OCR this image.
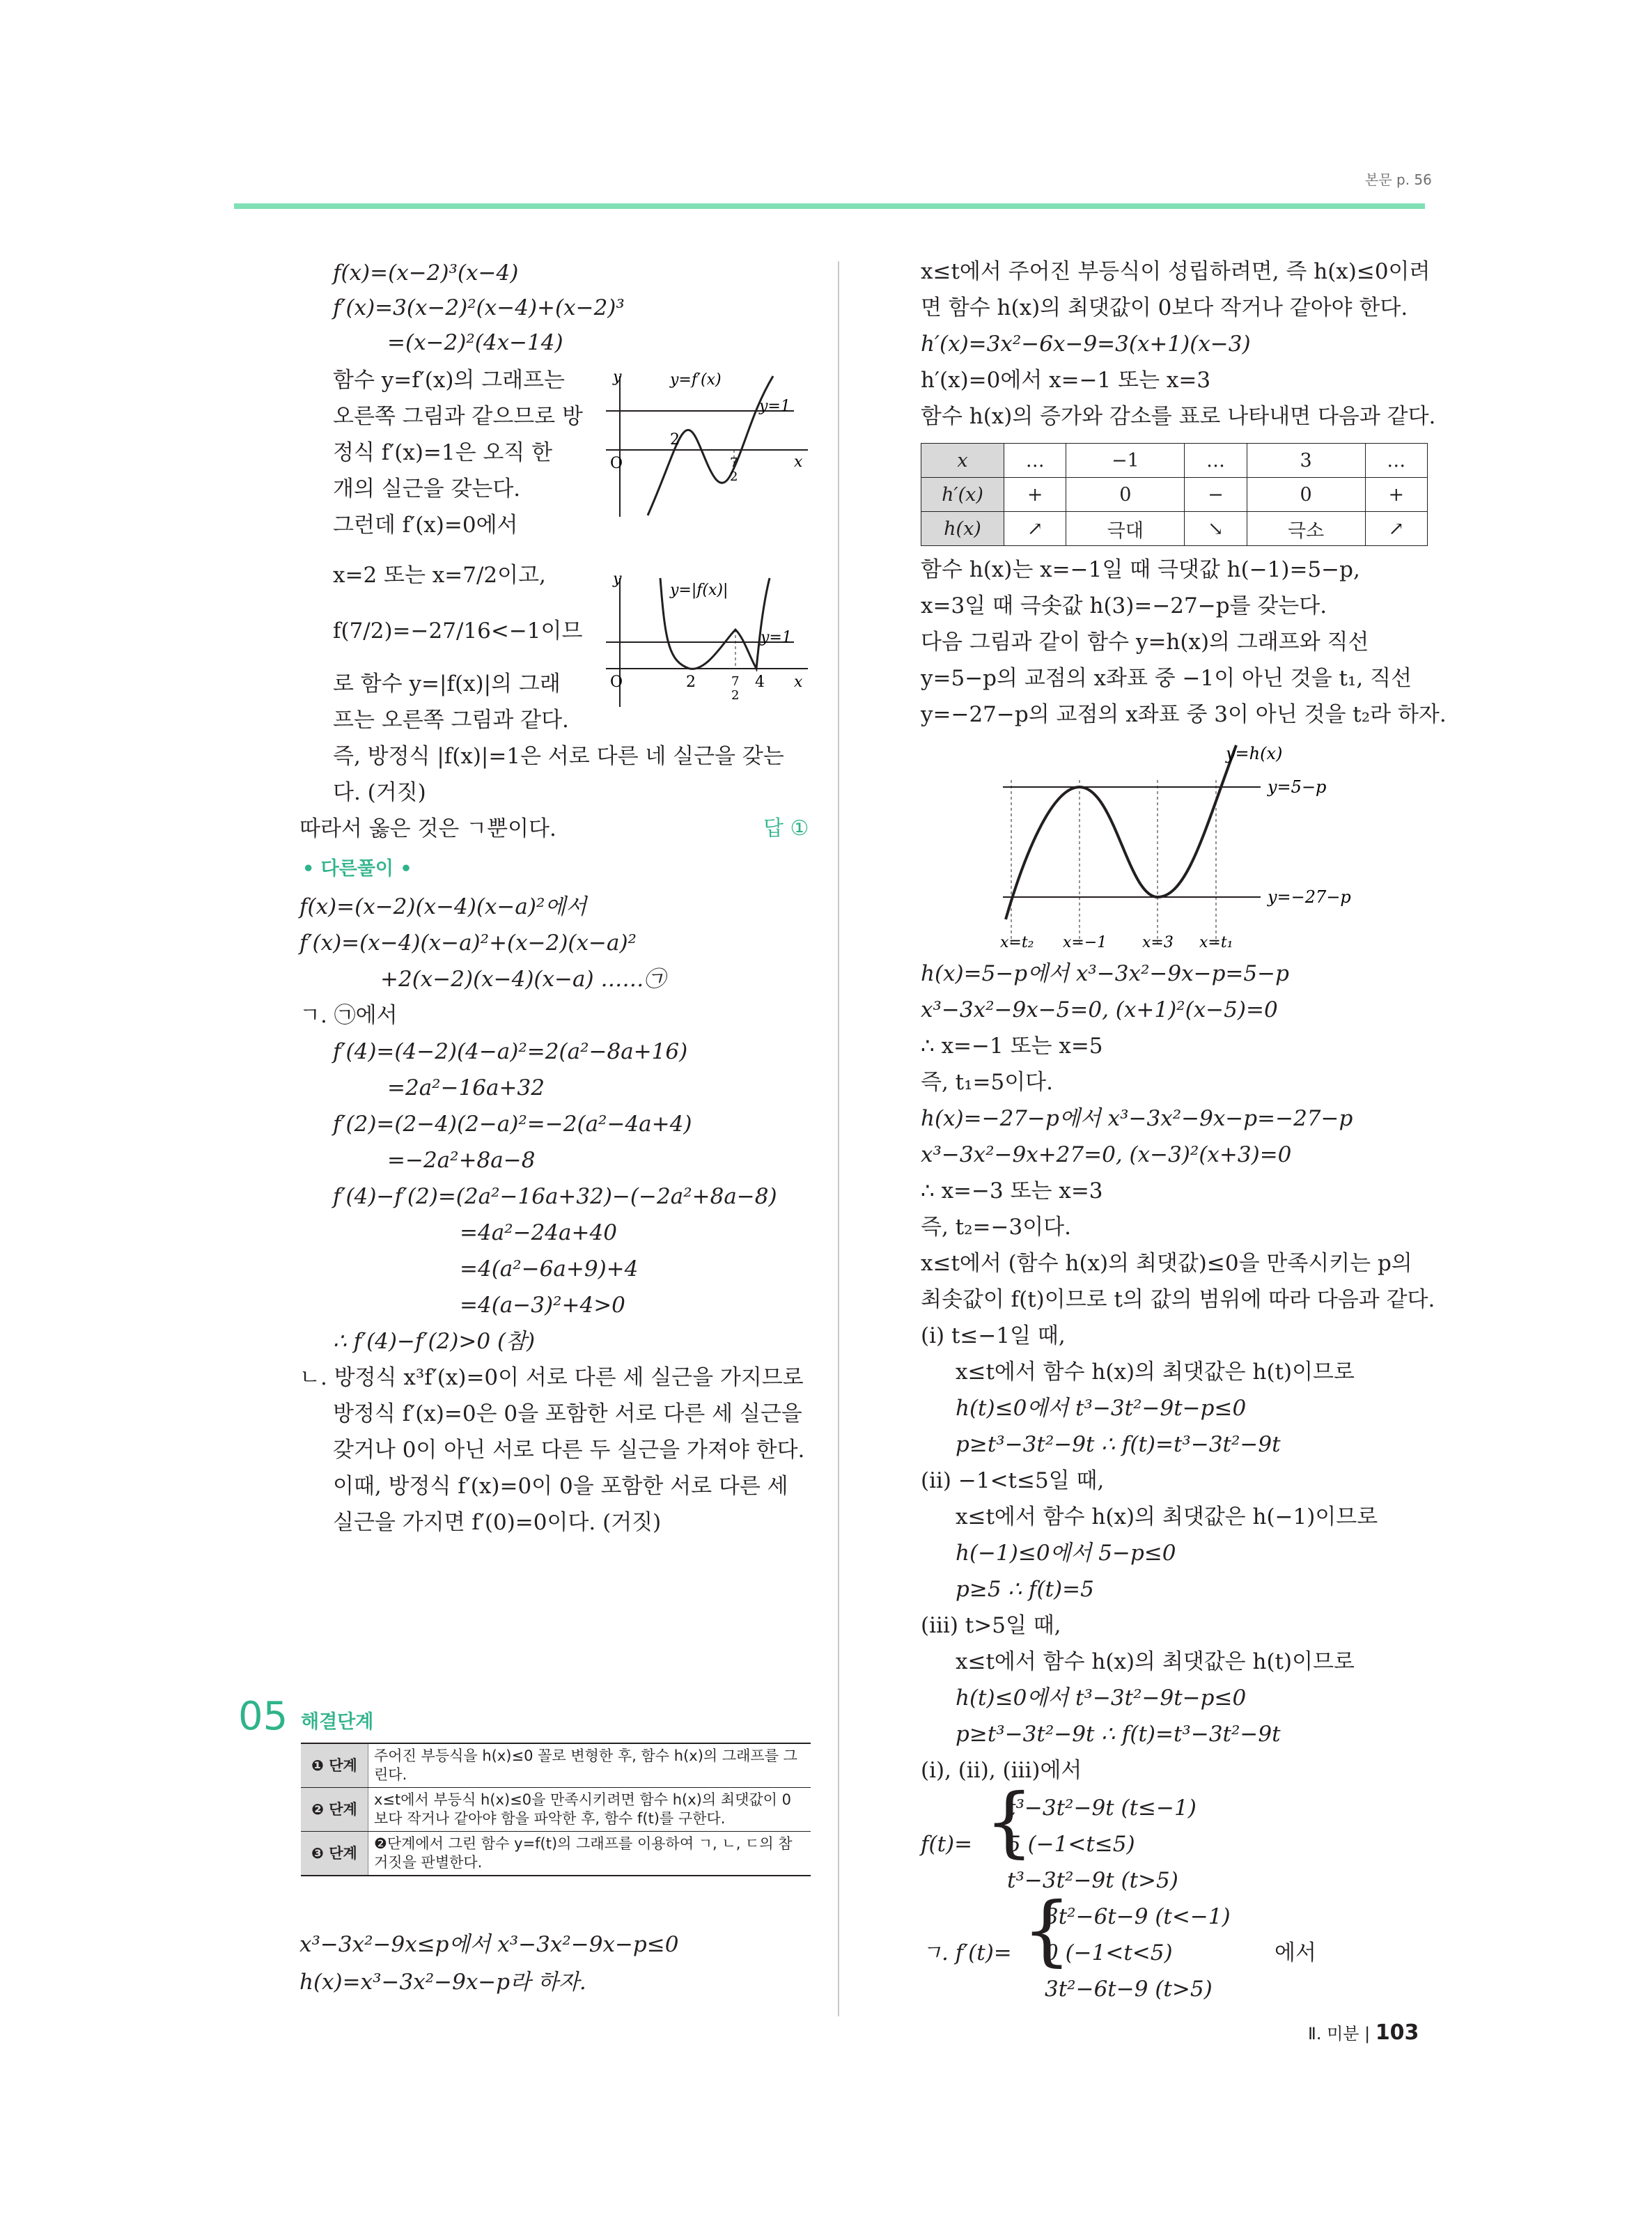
본문 p. 56
f(x)=(x−2)³(x−4)
f′(x)=3(x−2)²(x−4)+(x−2)³
=(x−2)²(4x−14)
함수 y=f′(x)의 그래프는
오른쪽 그림과 같으므로 방
정식 f′(x)=1은 오직 한
개의 실근을 갖는다.
그런데 f′(x)=0에서
x=2 또는 x=7/2이고,
f(7/2)=−27/16<−1이므
로 함수 y=|f(x)|의 그래
프는 오른쪽 그림과 같다.
즉, 방정식 |f(x)|=1은 서로 다른 네 실근을 갖는
다. (거짓)
따라서 옳은 것은 ㄱ뿐이다.	답 ①
• 다른풀이 •
y
O	x
y=f′(x)
y=1
2
7
2
y
O	x
y=|f(x)|
y=1
2	7
2
4
f(x)=(x−2)(x−4)(x−a)²에서
f′(x)=(x−4)(x−a)²+(x−2)(x−a)²
+2(x−2)(x−4)(x−a) ……㉠
ㄱ. ㉠에서
f′(4)=(4−2)(4−a)²=2(a²−8a+16)
=2a²−16a+32
f′(2)=(2−4)(2−a)²=−2(a²−4a+4)
=−2a²+8a−8
f′(4)−f′(2)=(2a²−16a+32)−(−2a²+8a−8)
=4a²−24a+40
=4(a²−6a+9)+4
=4(a−3)²+4>0
∴ f′(4)−f′(2)>0 (참)
ㄴ. 방정식 x³f′(x)=0이 서로 다른 세 실근을 가지므로
방정식 f′(x)=0은 0을 포함한 서로 다른 세 실근을
갖거나 0이 아닌 서로 다른 두 실근을 가져야 한다.
이때, 방정식 f′(x)=0이 0을 포함한 서로 다른 세
실근을 가지면 f′(0)=0이다. (거짓)
05 해결단계
❶ 단계	주어진 부등식을 h(x)≤0 꼴로 변형한 후, 함수 h(x)의 그래프를 그린다.
❷ 단계	x≤t에서 부등식 h(x)≤0을 만족시키려면 함수 h(x)의 최댓값이 0보다 작거나 같아야 함을 파악한 후, 함수 f(t)를 구한다.
❸ 단계	❷단계에서 그린 함수 y=f(t)의 그래프를 이용하여 ㄱ, ㄴ, ㄷ의 참 거짓을 판별한다.
x³−3x²−9x≤p에서 x³−3x²−9x−p≤0
h(x)=x³−3x²−9x−p라 하자.
x≤t에서 주어진 부등식이 성립하려면, 즉 h(x)≤0이려
면 함수 h(x)의 최댓값이 0보다 작거나 같아야 한다.
h′(x)=3x²−6x−9=3(x+1)(x−3)
h′(x)=0에서 x=−1 또는 x=3
함수 h(x)의 증가와 감소를 표로 나타내면 다음과 같다.
x	…	−1	…	3	…
h′(x)	+	0	−	0	+
h(x)	↗	극대	↘	극소	↗
함수 h(x)는 x=−1일 때 극댓값 h(−1)=5−p,
x=3일 때 극솟값 h(3)=−27−p를 갖는다.
다음 그림과 같이 함수 y=h(x)의 그래프와 직선
y=5−p의 교점의 x좌표 중 −1이 아닌 것을 t₁, 직선
y=−27−p의 교점의 x좌표 중 3이 아닌 것을 t₂라 하자.
y=h(x)
y=5−p
y=−27−p
x=t₂ x=−1 x=3 x=t₁
h(x)=5−p에서 x³−3x²−9x−p=5−p
x³−3x²−9x−5=0, (x+1)²(x−5)=0
∴ x=−1 또는 x=5
즉, t₁=5이다.
h(x)=−27−p에서 x³−3x²−9x−p=−27−p
x³−3x²−9x+27=0, (x−3)²(x+3)=0
∴ x=−3 또는 x=3
즉, t₂=−3이다.
x≤t에서 (함수 h(x)의 최댓값)≤0을 만족시키는 p의
최솟값이 f(t)이므로 t의 값의 범위에 따라 다음과 같다.
(ⅰ) t≤−1일 때,
x≤t에서 함수 h(x)의 최댓값은 h(t)이므로
h(t)≤0에서 t³−3t²−9t−p≤0
p≥t³−3t²−9t ∴ f(t)=t³−3t²−9t
(ⅱ) −1<t≤5일 때,
x≤t에서 함수 h(x)의 최댓값은 h(−1)이므로
h(−1)≤0에서 5−p≤0
p≥5 ∴ f(t)=5
(ⅲ) t>5일 때,
x≤t에서 함수 h(x)의 최댓값은 h(t)이므로
h(t)≤0에서 t³−3t²−9t−p≤0
p≥t³−3t²−9t ∴ f(t)=t³−3t²−9t
(ⅰ), (ⅱ), (ⅲ)에서
f(t)= {
t³−3t²−9t (t≤−1)
5 (−1<t≤5)
t³−3t²−9t (t>5)
ㄱ. f′(t)= {
3t²−6t−9 (t<−1)
0 (−1<t<5)
3t²−6t−9 (t>5)
에서
Ⅱ. 미분 | 103
